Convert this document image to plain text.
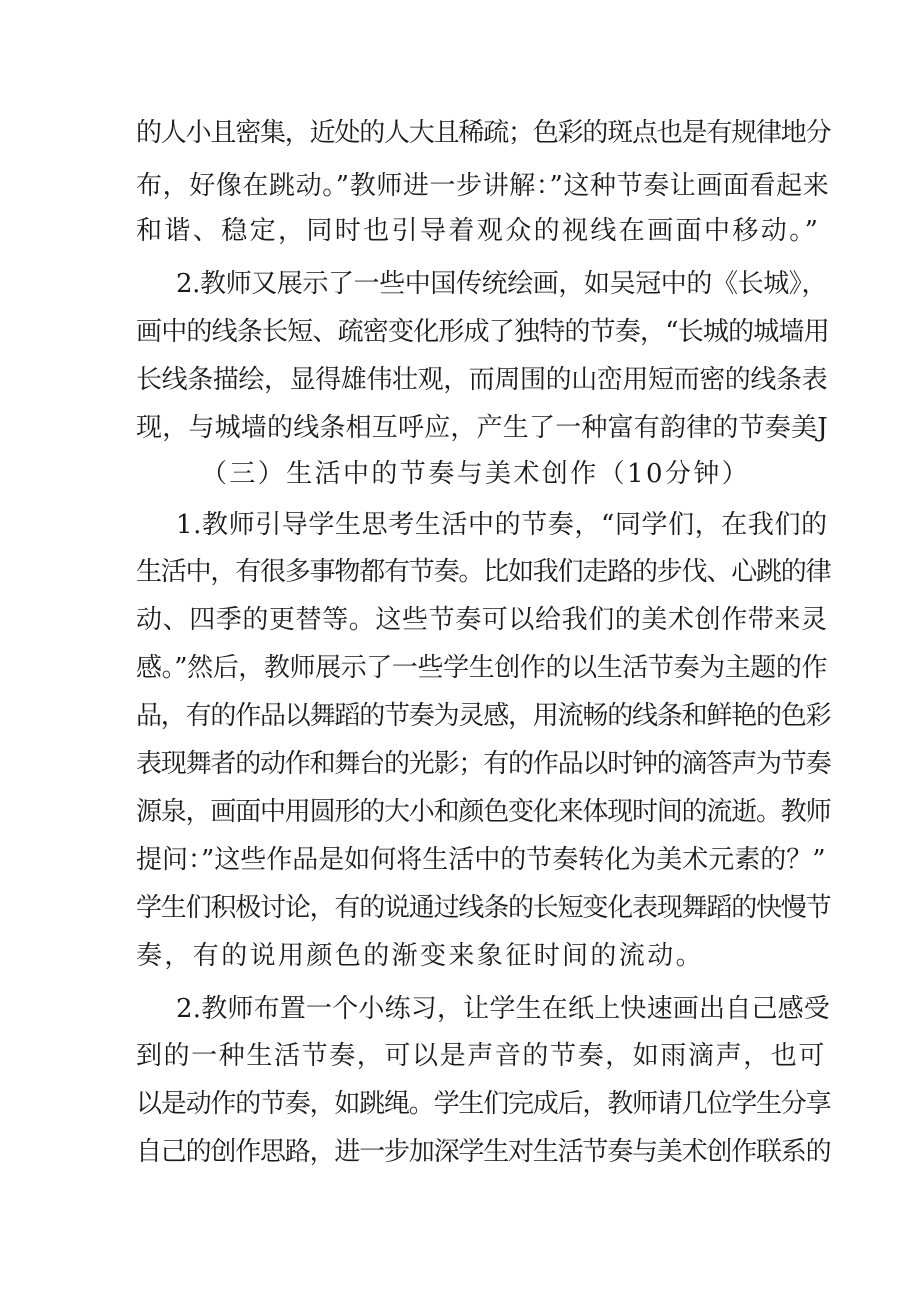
的人小且密集，近处的人大且稀疏；色彩的斑点也是有规律地分
布，好像在跳动。”教师进一步讲解：”这种节奏让画面看起来
和谐、稳定，同时也引导着观众的视线在画面中移动。”
2.教师又展示了一些中国传统绘画，如吴冠中的《长城》，
画中的线条长短、疏密变化形成了独特的节奏，“长城的城墙用
长线条描绘，显得雄伟壮观，而周围的山峦用短而密的线条表
现，与城墙的线条相互呼应，产生了一种富有韵律的节奏美J
（三）生活中的节奏与美术创作（10分钟）
1.教师引导学生思考生活中的节奏，“同学们，在我们的
生活中，有很多事物都有节奏。比如我们走路的步伐、心跳的律
动、四季的更替等。这些节奏可以给我们的美术创作带来灵
感。”然后，教师展示了一些学生创作的以生活节奏为主题的作
品，有的作品以舞蹈的节奏为灵感，用流畅的线条和鲜艳的色彩
表现舞者的动作和舞台的光影；有的作品以时钟的滴答声为节奏
源泉，画面中用圆形的大小和颜色变化来体现时间的流逝。教师
提问：”这些作品是如何将生活中的节奏转化为美术元素的？”
学生们积极讨论，有的说通过线条的长短变化表现舞蹈的快慢节
奏，有的说用颜色的渐变来象征时间的流动。
2.教师布置一个小练习，让学生在纸上快速画出自己感受
到的一种生活节奏，可以是声音的节奏，如雨滴声，也可
以是动作的节奏，如跳绳。学生们完成后，教师请几位学生分享
自己的创作思路，进一步加深学生对生活节奏与美术创作联系的
